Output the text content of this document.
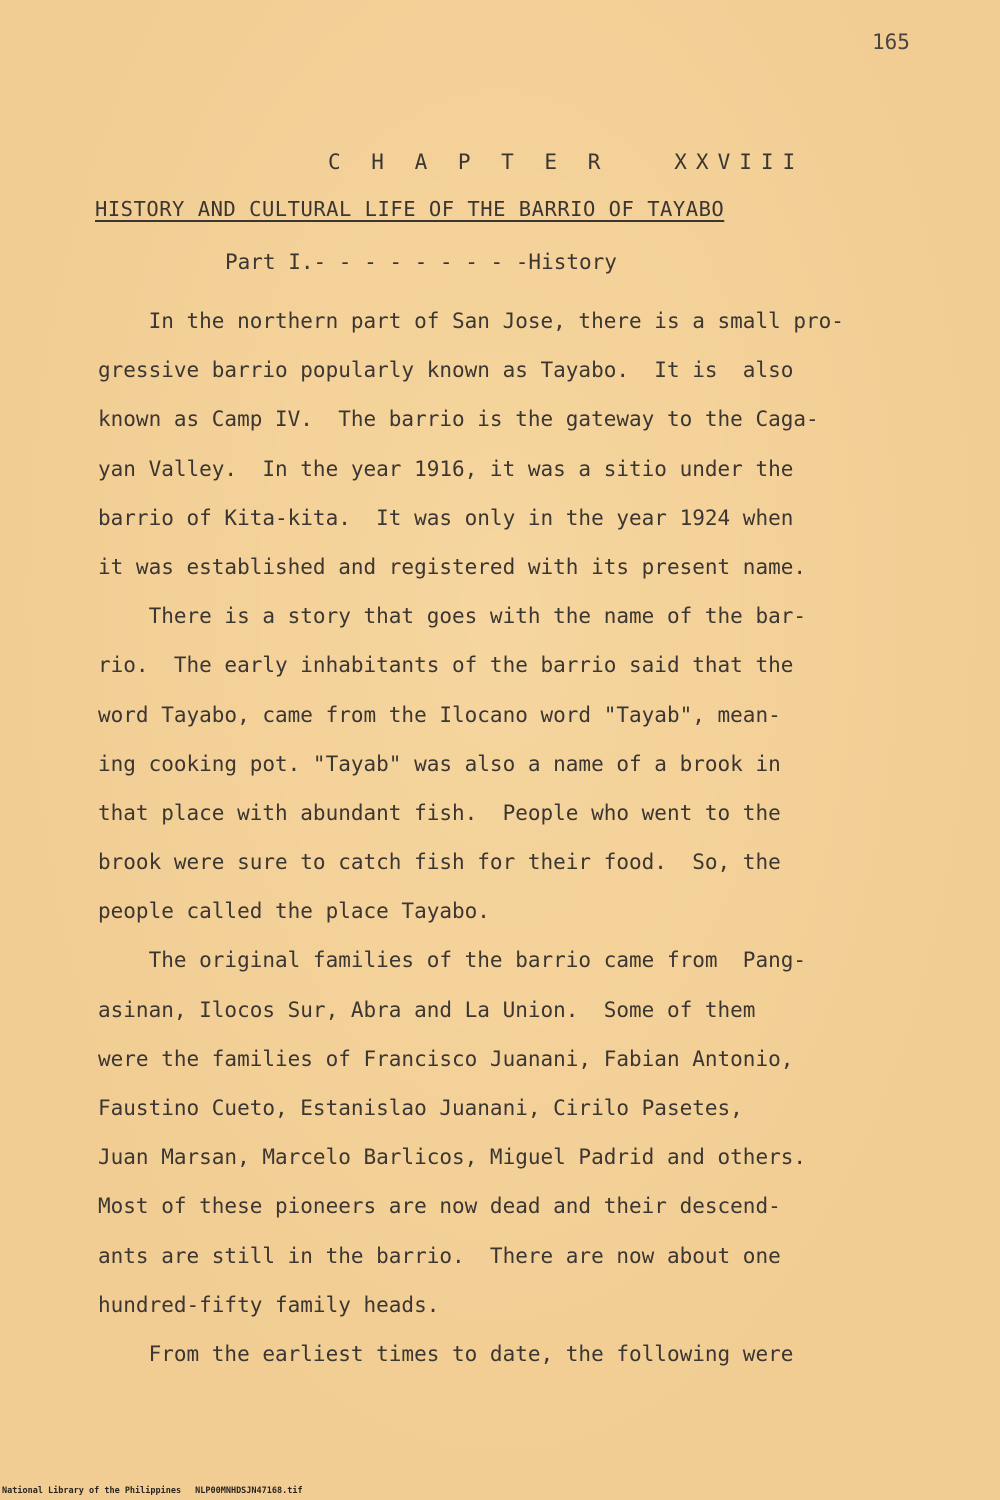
165
C H A P T E R   XXVIII
HISTORY AND CULTURAL LIFE OF THE BARRIO OF TAYABO
Part I.- - - - - - - - -History
In the northern part of San Jose, there is a small pro-
gressive barrio popularly known as Tayabo.  It is  also
known as Camp IV.  The barrio is the gateway to the Caga-
yan Valley.  In the year 1916, it was a sitio under the
barrio of Kita-kita.  It was only in the year 1924 when
it was established and registered with its present name.
There is a story that goes with the name of the bar-
rio.  The early inhabitants of the barrio said that the
word Tayabo, came from the Ilocano word "Tayab", mean-
ing cooking pot. "Tayab" was also a name of a brook in
that place with abundant fish.  People who went to the
brook were sure to catch fish for their food.  So, the
people called the place Tayabo.
The original families of the barrio came from  Pang-
asinan, Ilocos Sur, Abra and La Union.  Some of them
were the families of Francisco Juanani, Fabian Antonio,
Faustino Cueto, Estanislao Juanani, Cirilo Pasetes,
Juan Marsan, Marcelo Barlicos, Miguel Padrid and others.
Most of these pioneers are now dead and their descend-
ants are still in the barrio.  There are now about one
hundred-fifty family heads.
From the earliest times to date, the following were
National Library of the Philippines NLP00MNHDSJN47168.tif
